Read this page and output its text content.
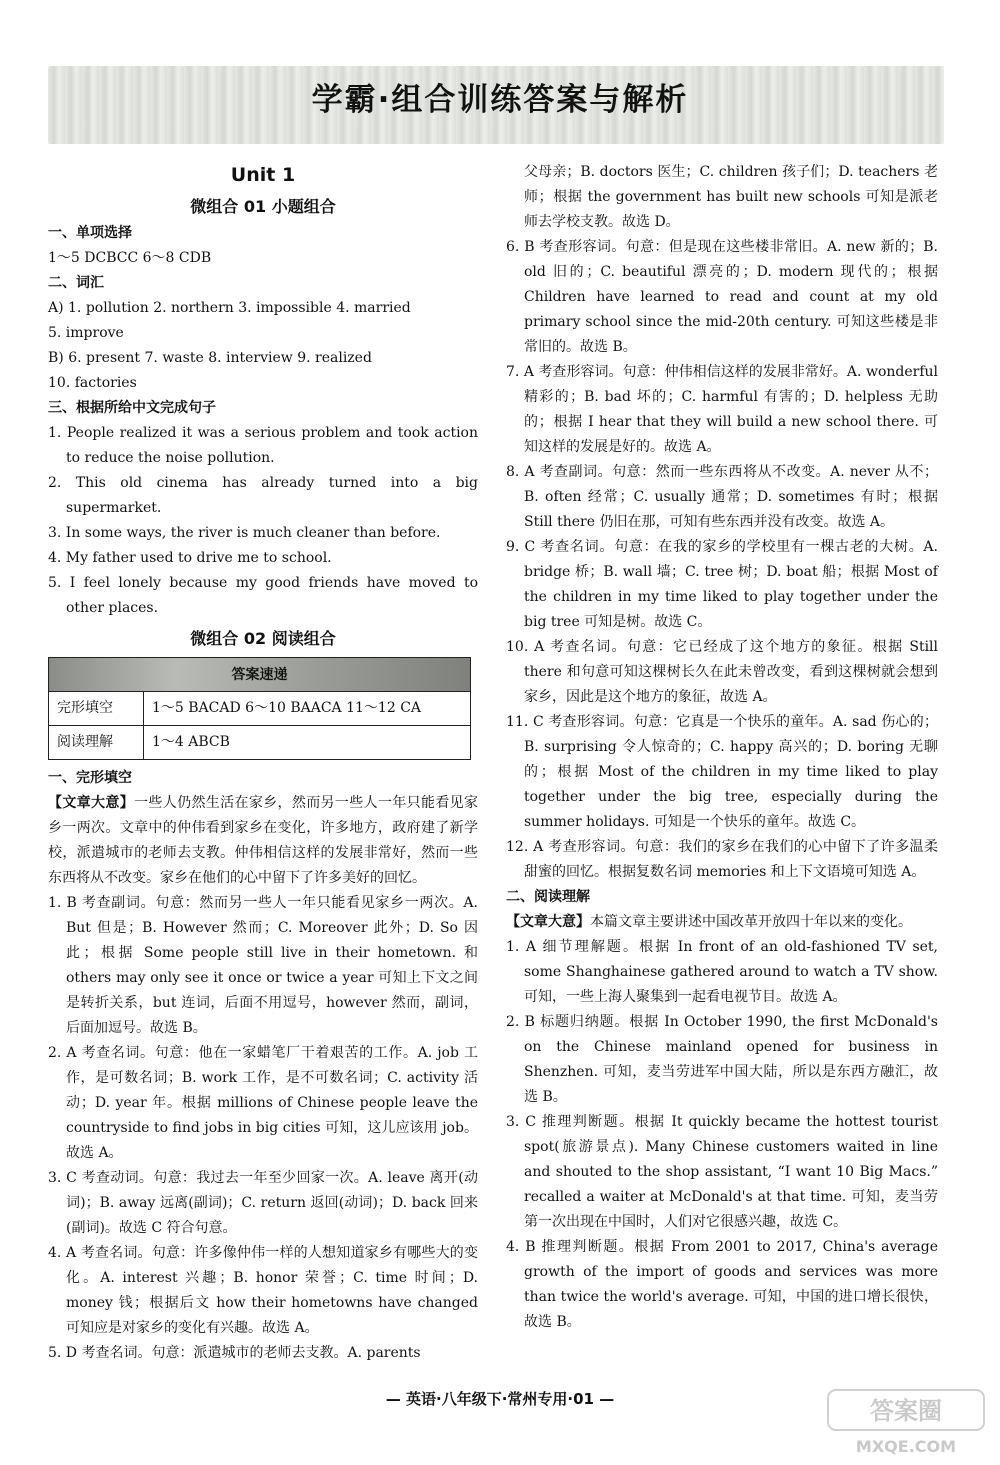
学霸·组合训练答案与解析
Unit 1
微组合 01 小题组合
一、单项选择
1～5 DCBCC 6～8 CDB
二、词汇
A) 1. pollution 2. northern 3. impossible 4. married
5. improve
B) 6. present 7. waste 8. interview 9. realized
10. factories
三、根据所给中文完成句子
1. People realized it was a serious problem and took action to reduce the noise pollution.
2. This old cinema has already turned into a big supermarket.
3. In some ways, the river is much cleaner than before.
4. My father used to drive me to school.
5. I feel lonely because my good friends have moved to other places.
微组合 02 阅读组合
答案速递	
完形填空	1～5 BACAD 6～10 BAACA 11～12 CA
阅读理解	1～4 ABCB
一、完形填空
【文章大意】一些人仍然生活在家乡，然而另一些人一年只能看见家乡一两次。文章中的仲伟看到家乡在变化，许多地方，政府建了新学校，派遣城市的老师去支教。仲伟相信这样的发展非常好，然而一些东西将从不改变。家乡在他们的心中留下了许多美好的回忆。
1. B 考查副词。句意：然而另一些人一年只能看见家乡一两次。A. But 但是；B. However 然而；C. Moreover 此外；D. So 因此；根据 Some people still live in their hometown. 和 others may only see it once or twice a year 可知上下文之间是转折关系，but 连词，后面不用逗号，however 然而，副词，后面加逗号。故选 B。
2. A 考查名词。句意：他在一家蜡笔厂干着艰苦的工作。A. job 工作，是可数名词；B. work 工作，是不可数名词；C. activity 活动；D. year 年。根据 millions of Chinese people leave the countryside to find jobs in big cities 可知，这儿应该用 job。故选 A。
3. C 考查动词。句意：我过去一年至少回家一次。A. leave 离开(动词)；B. away 远离(副词)；C. return 返回(动词)；D. back 回来(副词)。故选 C 符合句意。
4. A 考查名词。句意：许多像仲伟一样的人想知道家乡有哪些大的变化。A. interest 兴趣；B. honor 荣誉；C. time 时间；D. money 钱；根据后文 how their hometowns have changed 可知应是对家乡的变化有兴趣。故选 A。
5. D 考查名词。句意：派遣城市的老师去支教。A. parents
父母亲；B. doctors 医生；C. children 孩子们；D. teachers 老师；根据 the government has built new schools 可知是派老师去学校支教。故选 D。
6. B 考查形容词。句意：但是现在这些楼非常旧。A. new 新的；B. old 旧的；C. beautiful 漂亮的；D. modern 现代的；根据 Children have learned to read and count at my old primary school since the mid-20th century. 可知这些楼是非常旧的。故选 B。
7. A 考查形容词。句意：仲伟相信这样的发展非常好。A. wonderful 精彩的；B. bad 坏的；C. harmful 有害的；D. helpless 无助的；根据 I hear that they will build a new school there. 可知这样的发展是好的。故选 A。
8. A 考查副词。句意：然而一些东西将从不改变。A. never 从不；B. often 经常；C. usually 通常；D. sometimes 有时；根据 Still there 仍旧在那，可知有些东西并没有改变。故选 A。
9. C 考查名词。句意：在我的家乡的学校里有一棵古老的大树。A. bridge 桥；B. wall 墙；C. tree 树；D. boat 船；根据 Most of the children in my time liked to play together under the big tree 可知是树。故选 C。
10. A 考查名词。句意：它已经成了这个地方的象征。根据 Still there 和句意可知这棵树长久在此未曾改变，看到这棵树就会想到家乡，因此是这个地方的象征，故选 A。
11. C 考查形容词。句意：它真是一个快乐的童年。A. sad 伤心的；B. surprising 令人惊奇的；C. happy 高兴的；D. boring 无聊的；根据 Most of the children in my time liked to play together under the big tree, especially during the summer holidays. 可知是一个快乐的童年。故选 C。
12. A 考查形容词。句意：我们的家乡在我们的心中留下了许多温柔甜蜜的回忆。根据复数名词 memories 和上下文语境可知选 A。
二、阅读理解
【文章大意】本篇文章主要讲述中国改革开放四十年以来的变化。
1. A 细节理解题。根据 In front of an old-fashioned TV set, some Shanghainese gathered around to watch a TV show. 可知，一些上海人聚集到一起看电视节目。故选 A。
2. B 标题归纳题。根据 In October 1990, the first McDonald's on the Chinese mainland opened for business in Shenzhen. 可知，麦当劳进军中国大陆，所以是东西方融汇，故选 B。
3. C 推理判断题。根据 It quickly became the hottest tourist spot(旅游景点). Many Chinese customers waited in line and shouted to the shop assistant, “I want 10 Big Macs.” recalled a waiter at McDonald's at that time. 可知，麦当劳第一次出现在中国时，人们对它很感兴趣，故选 C。
4. B 推理判断题。根据 From 2001 to 2017, China's average growth of the import of goods and services was more than twice the world's average. 可知，中国的进口增长很快，故选 B。
— 英语·八年级下·常州专用·01 —	答案圈
MXQE.COM
